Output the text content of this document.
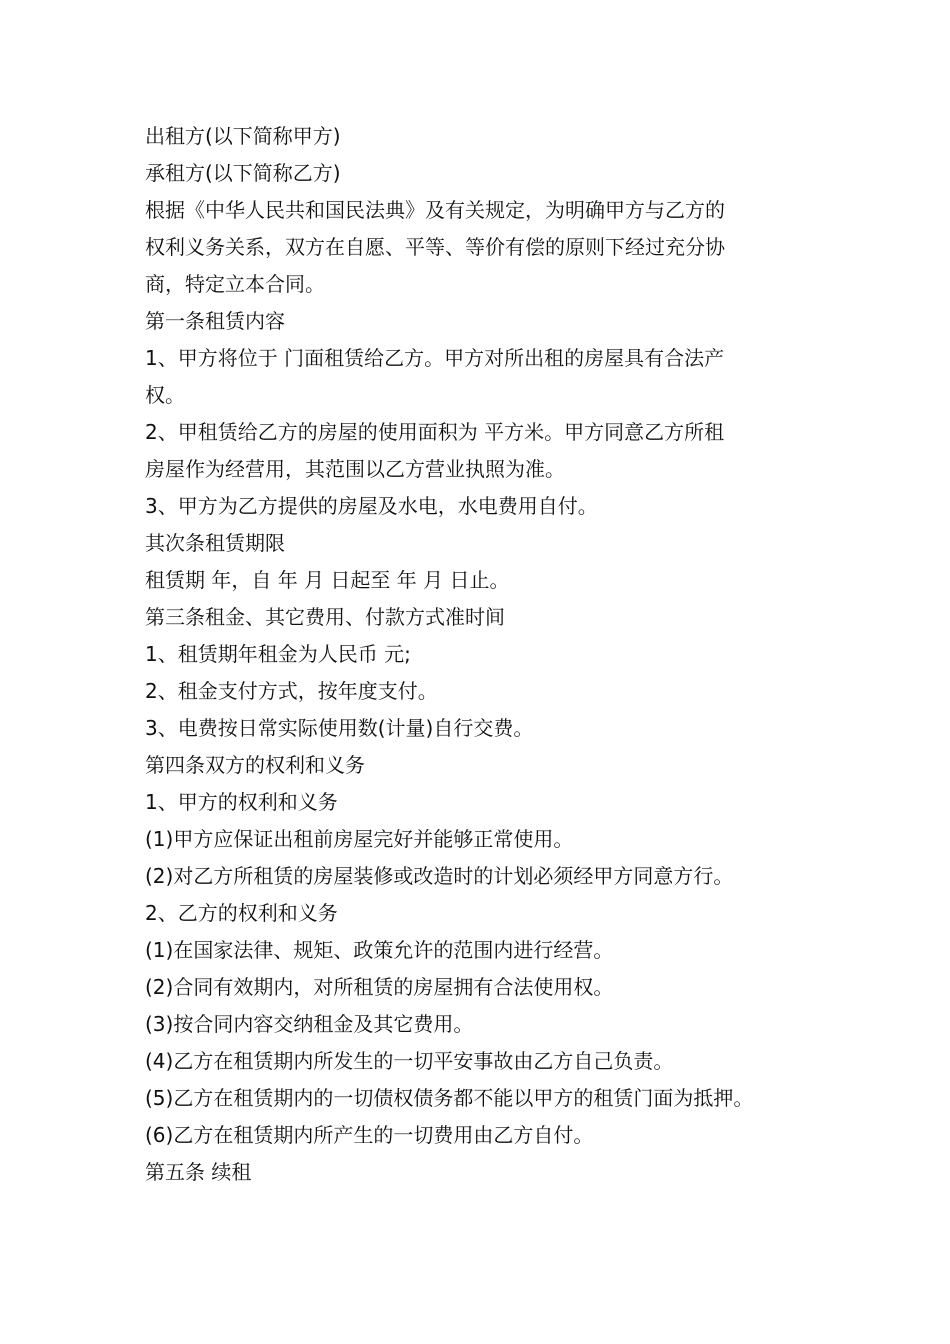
出租方(以下简称甲方)
承租方(以下简称乙方)
根据《中华人民共和国民法典》及有关规定，为明确甲方与乙方的
权利义务关系，双方在自愿、平等、等价有偿的原则下经过充分协
商，特定立本合同。
第一条租赁内容
1、甲方将位于 门面租赁给乙方。甲方对所出租的房屋具有合法产
权。
2、甲租赁给乙方的房屋的使用面积为 平方米。甲方同意乙方所租
房屋作为经营用，其范围以乙方营业执照为准。
3、甲方为乙方提供的房屋及水电，水电费用自付。
其次条租赁期限
租赁期 年，自 年 月 日起至 年 月 日止。
第三条租金、其它费用、付款方式准时间
1、租赁期年租金为人民币 元;
2、租金支付方式，按年度支付。
3、电费按日常实际使用数(计量)自行交费。
第四条双方的权利和义务
1、甲方的权利和义务
(1)甲方应保证出租前房屋完好并能够正常使用。
(2)对乙方所租赁的房屋装修或改造时的计划必须经甲方同意方行。
2、乙方的权利和义务
(1)在国家法律、规矩、政策允许的范围内进行经营。
(2)合同有效期内，对所租赁的房屋拥有合法使用权。
(3)按合同内容交纳租金及其它费用。
(4)乙方在租赁期内所发生的一切平安事故由乙方自己负责。
(5)乙方在租赁期内的一切债权债务都不能以甲方的租赁门面为抵押。
(6)乙方在租赁期内所产生的一切费用由乙方自付。
第五条 续租
